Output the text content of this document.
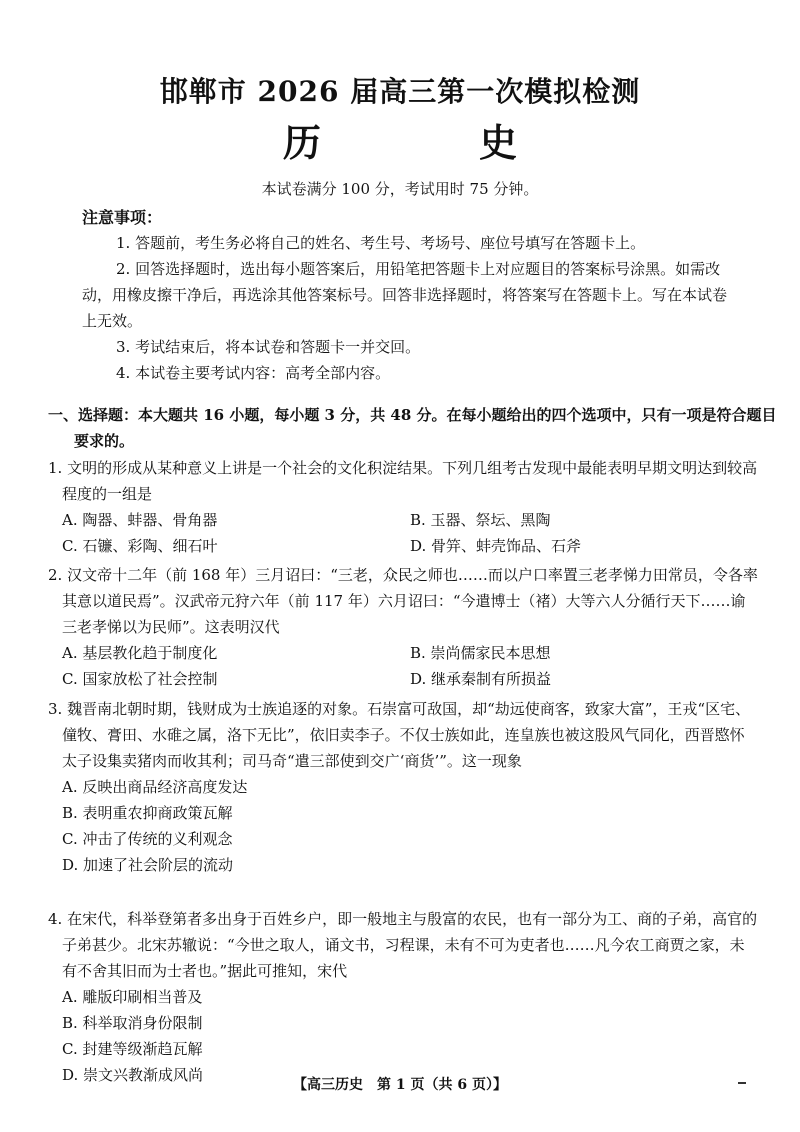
邯郸市 2026 届高三第一次模拟检测
历　史
本试卷满分 100 分，考试用时 75 分钟。
注意事项：

1. 答题前，考生务必将自己的姓名、考生号、考场号、座位号填写在答题卡上。

2. 回答选择题时，选出每小题答案后，用铅笔把答题卡上对应题目的答案标号涂黑。如需改动，用橡皮擦干净后，再选涂其他答案标号。回答非选择题时，将答案写在答题卡上。写在本试卷上无效。

3. 考试结束后，将本试卷和答题卡一并交回。

4. 本试卷主要考试内容：高考全部内容。

一、选择题：本大题共 16 小题，每小题 3 分，共 48 分。在每小题给出的四个选项中，只有一项是符合题目要求的。

1. 文明的形成从某种意义上讲是一个社会的文化积淀结果。下列几组考古发现中最能表明早期文明达到较高程度的一组是

A. 陶器、蚌器、骨角器	B. 玉器、祭坛、黑陶
C. 石镰、彩陶、细石叶	D. 骨笄、蚌壳饰品、石斧

2. 汉文帝十二年（前 168 年）三月诏曰：“三老，众民之师也……而以户口率置三老孝悌力田常员，令各率其意以道民焉”。汉武帝元狩六年（前 117 年）六月诏曰：“今遣博士（褚）大等六人分循行天下……谕三老孝悌以为民师”。这表明汉代

A. 基层教化趋于制度化	B. 崇尚儒家民本思想
C. 国家放松了社会控制	D. 继承秦制有所损益

3. 魏晋南北朝时期，钱财成为士族追逐的对象。石崇富可敌国，却“劫远使商客，致家大富”，王戎“区宅、僮牧、膏田、水碓之属，洛下无比”，依旧卖李子。不仅士族如此，连皇族也被这股风气同化，西晋愍怀太子设集卖猪肉而收其利；司马奇“遣三部使到交广‘商货’”。这一现象

A. 反映出商品经济高度发达
B. 表明重农抑商政策瓦解
C. 冲击了传统的义利观念
D. 加速了社会阶层的流动

4. 在宋代，科举登第者多出身于百姓乡户，即一般地主与殷富的农民，也有一部分为工、商的子弟，高官的子弟甚少。北宋苏辙说：“今世之取人，诵文书，习程课，未有不可为吏者也……凡今农工商贾之家，未有不舍其旧而为士者也。”据此可推知，宋代

A. 雕版印刷相当普及
B. 科举取消身份限制
C. 封建等级渐趋瓦解
D. 崇文兴教渐成风尚
【高三历史　第 1 页（共 6 页）】
